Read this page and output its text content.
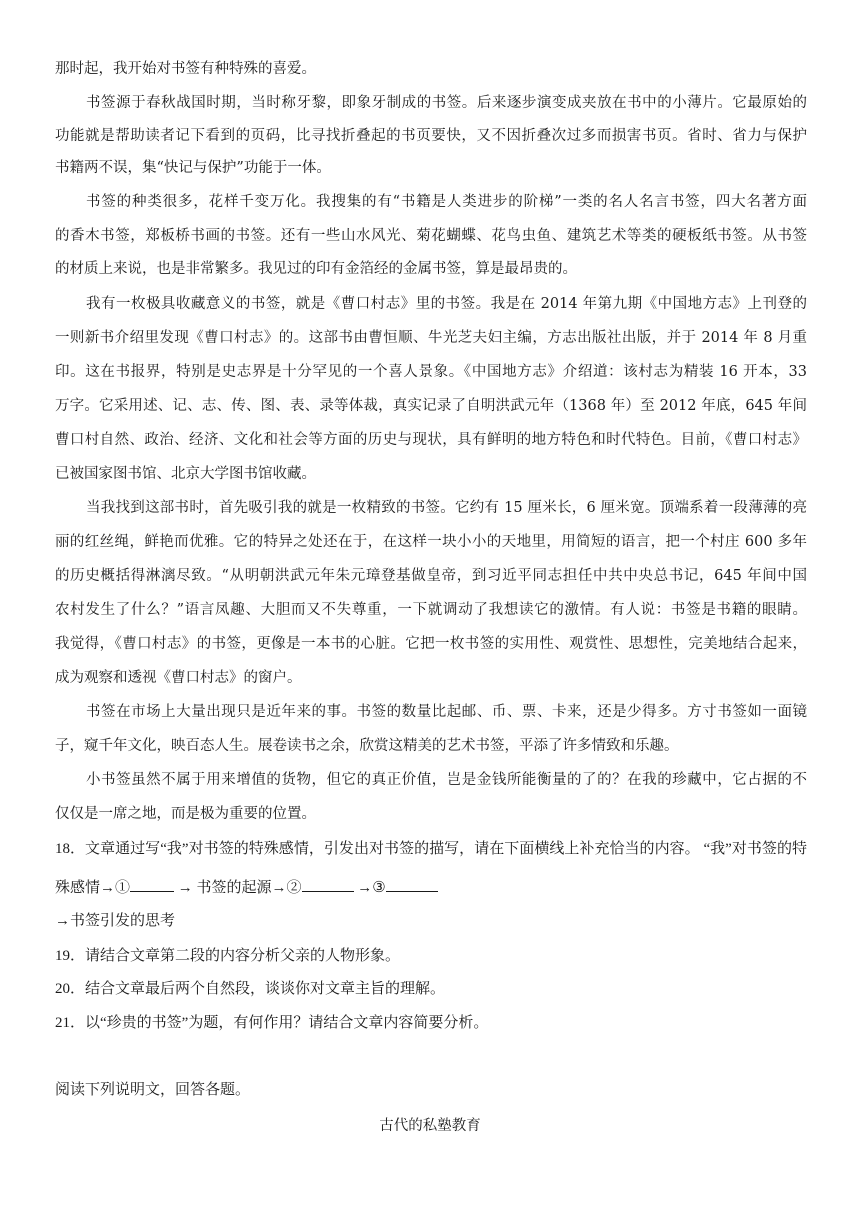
那时起，我开始对书签有种特殊的喜爱。
书签源于春秋战国时期，当时称牙黎，即象牙制成的书签。后来逐步演变成夹放在书中的小薄片。它最原始的
功能就是帮助读者记下看到的页码，比寻找折叠起的书页要快，又不因折叠次过多而损害书页。省时、省力与保护
书籍两不误，集“快记与保护”功能于一体。
书签的种类很多，花样千变万化。我搜集的有“书籍是人类进步的阶梯”一类的名人名言书签，四大名著方面
的香木书签，郑板桥书画的书签。还有一些山水风光、菊花蝴蝶、花鸟虫鱼、建筑艺术等类的硬板纸书签。从书签
的材质上来说，也是非常繁多。我见过的印有金箔经的金属书签，算是最昂贵的。
我有一枚极具收藏意义的书签，就是《曹口村志》里的书签。我是在 2014 年第九期《中国地方志》上刊登的
一则新书介绍里发现《曹口村志》的。这部书由曹恒顺、牛光芝夫妇主编，方志出版社出版，并于 2014 年 8 月重
印。这在书报界，特别是史志界是十分罕见的一个喜人景象。《中国地方志》介绍道：该村志为精装 16 开本，33
万字。它采用述、记、志、传、图、表、录等体裁，真实记录了自明洪武元年（1368 年）至 2012 年底，645 年间
曹口村自然、政治、经济、文化和社会等方面的历史与现状，具有鲜明的地方特色和时代特色。目前，《曹口村志》
已被国家图书馆、北京大学图书馆收藏。
当我找到这部书时，首先吸引我的就是一枚精致的书签。它约有 15 厘米长，6 厘米宽。顶端系着一段薄薄的亮
丽的红丝绳，鲜艳而优雅。它的特异之处还在于，在这样一块小小的天地里，用简短的语言，把一个村庄 600 多年
的历史概括得淋漓尽致。“从明朝洪武元年朱元璋登基做皇帝，到习近平同志担任中共中央总书记，645 年间中国
农村发生了什么？”语言凤趣、大胆而又不失尊重，一下就调动了我想读它的激情。有人说：书签是书籍的眼睛。
我觉得，《曹口村志》的书签，更像是一本书的心脏。它把一枚书签的实用性、观赏性、思想性，完美地结合起来，
成为观察和透视《曹口村志》的窗户。
书签在市场上大量出现只是近年来的事。书签的数量比起邮、币、票、卡来，还是少得多。方寸书签如一面镜
子，窥千年文化，映百态人生。展卷读书之余，欣赏这精美的艺术书签，平添了许多情致和乐趣。
小书签虽然不属于用来增值的货物，但它的真正价值，岂是金钱所能衡量的了的？在我的珍藏中，它占据的不
仅仅是一席之地，而是极为重要的位置。
18．文章通过写“我”对书签的特殊感情，引发出对书签的描写，请在下面横线上补充恰当的内容。 “我”对书签的特
殊感情→①	→ 书签的起源→②	→③
→书签引发的思考
19．请结合文章第二段的内容分析父亲的人物形象。
20．结合文章最后两个自然段，谈谈你对文章主旨的理解。
21．以“珍贵的书签”为题，有何作用？请结合文章内容简要分析。
阅读下列说明文，回答各题。
古代的私塾教育
